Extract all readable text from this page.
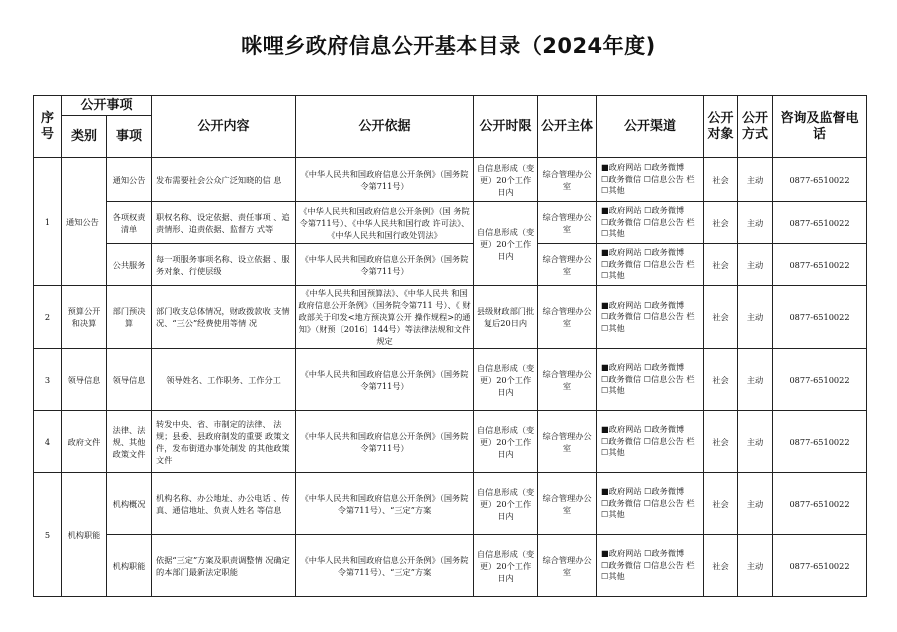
咪哩乡政府信息公开基本目录（2024年度)
序号	公开事项		公开内容	公开依据	公开时限	公开主体	公开渠道	公开对象	公开方式	咨询及监督电话
	类别	事项								
1	通知公告	通知公告	发布需要社会公众广泛知晓的信 息	《中华人民共和国政府信息公开条例》（国务院令第711号）	自信息形成（变更）20个工作日内	综合管理办公室	■政府网站 ☐政务微博
☐政务微信 ☐信息公告 栏
☐其他	社会	主动	0877-6510022
		各项权责清单	职权名称、设定依据、责任事项 、追责情形、追责依据、监督方 式等	《中华人民共和国政府信息公开条例》（国 务院令第711号）、《中华人民共和国行政 许可法》、《中华人民共和国行政处罚法》	自信息形成（变更）20个工作日内	综合管理办公室	■政府网站 ☐政务微博
☐政务微信 ☐信息公告 栏
☐其他	社会	主动	0877-6510022
		公共服务	每一项服务事项名称、设立依据 、服务对象、行使层级	《中华人民共和国政府信息公开条例》（国务院令第711号）		综合管理办公室	■政府网站 ☐政务微博
☐政务微信 ☐信息公告 栏
☐其他	社会	主动	0877-6510022
2	预算公开和决算	部门预决算	部门收支总体情况，财政拨款收 支情况、“三公”经费使用等情 况	《中华人民共和国预算法》、《中华人民共 和国政府信息公开条例》（国务院令第711 号）、《 财政部关于印发<地方预决算公开 操作规程>的通知》（财预〔2016〕144号）等法律法规和文件规定	县级财政部门批复后20日内	综合管理办公室	■政府网站 ☐政务微博
☐政务微信 ☐信息公告 栏
☐其他	社会	主动	0877-6510022
3	领导信息	领导信息	领导姓名、工作职务、工作分工	《中华人民共和国政府信息公开条例》（国务院令第711号）	自信息形成（变更）20个工作日内	综合管理办公室	■政府网站 ☐政务微博
☐政务微信 ☐信息公告 栏
☐其他	社会	主动	0877-6510022
4	政府文件	法律、法规、其他政策文件	转发中央、省、市制定的法律、 法规；县委、县政府制发的重要 政策文件，发布街道办事处制发 的其他政策文件	《中华人民共和国政府信息公开条例》（国务院令第711号）	自信息形成（变更）20个工作日内	综合管理办公室	■政府网站 ☐政务微博
☐政务微信 ☐信息公告 栏
☐其他	社会	主动	0877-6510022
5	机构职能	机构概况	机构名称、办公地址、办公电话 、传真、通信地址、负责人姓名 等信息	《中华人民共和国政府信息公开条例》（国务院令第711号）、“三定”方案	自信息形成（变更）20个工作日内	综合管理办公室	■政府网站 ☐政务微博
☐政务微信 ☐信息公告 栏
☐其他	社会	主动	0877-6510022
		机构职能	依据“三定”方案及职责调整情 况确定的本部门最新法定职能	《中华人民共和国政府信息公开条例》（国务院令第711号）、“三定”方案	自信息形成（变更）20个工作日内	综合管理办公室	■政府网站 ☐政务微博
☐政务微信 ☐信息公告 栏
☐其他	社会	主动	0877-6510022
